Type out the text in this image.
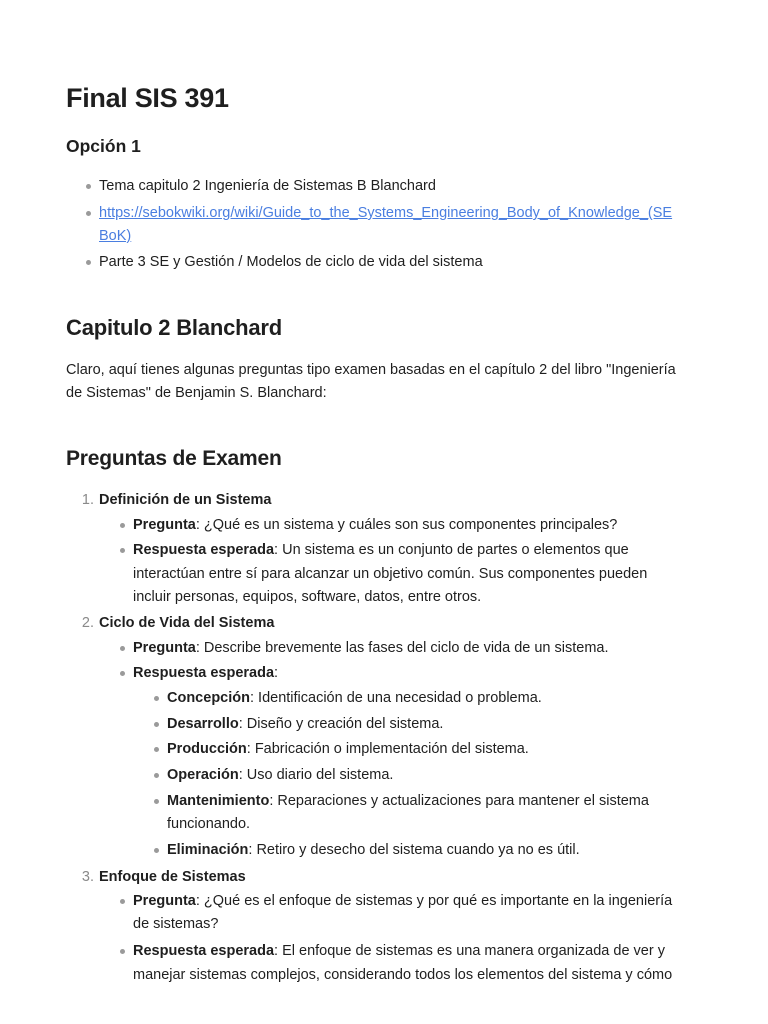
Final SIS 391
Opción 1

Tema capitulo 2 Ingeniería de Sistemas B Blanchard

https://sebokwiki.org/wiki/Guide_to_the_Systems_Engineering_Body_of_Knowledge_(SE
BoK)

Parte 3 SE y Gestión / Modelos de ciclo de vida del sistema

Capitulo 2 Blanchard

Claro, aquí tienes algunas preguntas tipo examen basadas en el capítulo 2 del libro "Ingeniería

de Sistemas" de Benjamin S. Blanchard:

Preguntas de Examen
1. Definición de un Sistema

Pregunta: ¿Qué es un sistema y cuáles son sus componentes principales?

Respuesta esperada: Un sistema es un conjunto de partes o elementos que

interactúan entre sí para alcanzar un objetivo común. Sus componentes pueden

incluir personas, equipos, software, datos, entre otros.

2. Ciclo de Vida del Sistema

Pregunta: Describe brevemente las fases del ciclo de vida de un sistema.

Respuesta esperada:

Concepción: Identificación de una necesidad o problema.

Desarrollo: Diseño y creación del sistema.

Producción: Fabricación o implementación del sistema.

Operación: Uso diario del sistema.

Mantenimiento: Reparaciones y actualizaciones para mantener el sistema

funcionando.

Eliminación: Retiro y desecho del sistema cuando ya no es útil.

3. Enfoque de Sistemas

Pregunta: ¿Qué es el enfoque de sistemas y por qué es importante en la ingeniería

de sistemas?

Respuesta esperada: El enfoque de sistemas es una manera organizada de ver y

manejar sistemas complejos, considerando todos los elementos del sistema y cómo
